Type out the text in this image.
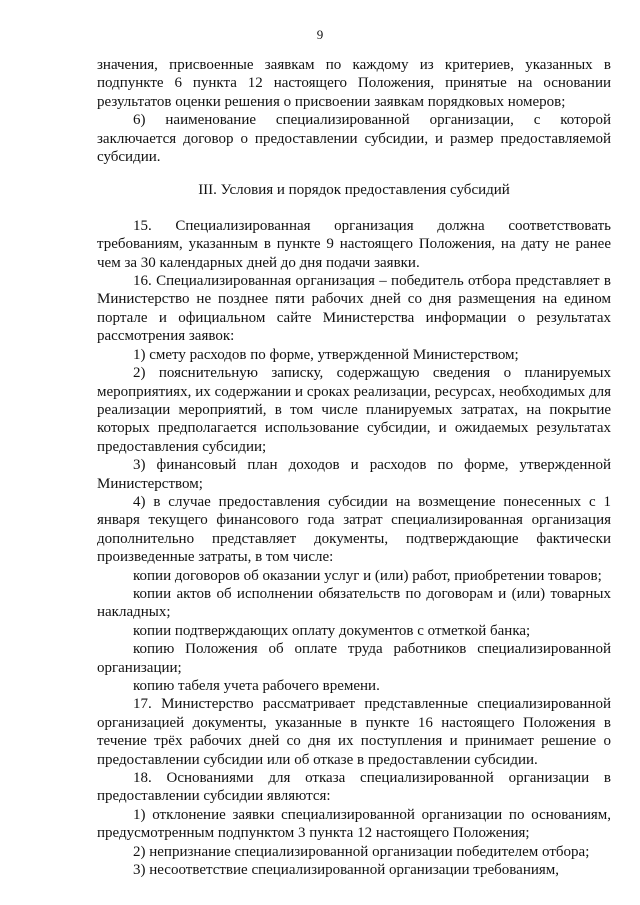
9

значения, присвоенные заявкам по каждому из критериев, указанных в подпункте 6 пункта 12 настоящего Положения, принятые на основании результатов оценки решения о присвоении заявкам порядковых номеров;

6) наименование специализированной организации, с которой заключается договор о предоставлении субсидии, и размер предоставляемой субсидии.

III. Условия и порядок предоставления субсидий

15. Специализированная организация должна соответствовать требованиям, указанным в пункте 9 настоящего Положения, на дату не ранее чем за 30 календарных дней до дня подачи заявки.

16. Специализированная организация – победитель отбора представляет в Министерство не позднее пяти рабочих дней со дня размещения на едином портале и официальном сайте Министерства информации о результатах рассмотрения заявок:

1) смету расходов по форме, утвержденной Министерством;

2) пояснительную записку, содержащую сведения о планируемых мероприятиях, их содержании и сроках реализации, ресурсах, необходимых для реализации мероприятий, в том числе планируемых затратах, на покрытие которых предполагается использование субсидии, и ожидаемых результатах предоставления субсидии;

3) финансовый план доходов и расходов по форме, утвержденной Министерством;

4) в случае предоставления субсидии на возмещение понесенных с 1 января текущего финансового года затрат специализированная организация дополнительно представляет документы, подтверждающие фактически произведенные затраты, в том числе:

копии договоров об оказании услуг и (или) работ, приобретении товаров;

копии актов об исполнении обязательств по договорам и (или) товарных накладных;

копии подтверждающих оплату документов с отметкой банка;

копию Положения об оплате труда работников специализированной организации;

копию табеля учета рабочего времени.

17. Министерство рассматривает представленные специализированной организацией документы, указанные в пункте 16 настоящего Положения в течение трёх рабочих дней со дня их поступления и принимает решение о предоставлении субсидии или об отказе в предоставлении субсидии.

18. Основаниями для отказа специализированной организации в предоставлении субсидии являются:

1) отклонение заявки специализированной организации по основаниям, предусмотренным подпунктом 3 пункта 12 настоящего Положения;

2) непризнание специализированной организации победителем отбора;

3) несоответствие специализированной организации требованиям,
